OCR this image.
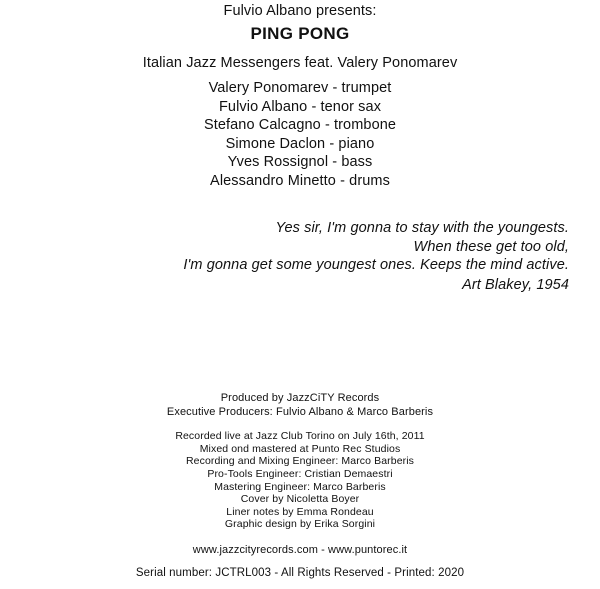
Fulvio Albano presents:
PING PONG
Italian Jazz Messengers feat. Valery Ponomarev
Valery Ponomarev - trumpet
Fulvio Albano - tenor sax
Stefano Calcagno - trombone
Simone Daclon - piano
Yves Rossignol - bass
Alessandro Minetto - drums
Yes sir, I'm gonna to stay with the youngests.
When these get too old,
I'm gonna get some youngest ones. Keeps the mind active.
Art Blakey, 1954
Produced by JazzCiTY Records
Executive Producers: Fulvio Albano & Marco Barberis
Recorded live at Jazz Club Torino on July 16th, 2011
Mixed ond mastered at Punto Rec Studios
Recording and Mixing Engineer: Marco Barberis
Pro-Tools Engineer: Cristian Demaestri
Mastering Engineer: Marco Barberis
Cover by Nicoletta Boyer
Liner notes by Emma Rondeau
Graphic design by Erika Sorgini
www.jazzcityrecords.com - www.puntorec.it
Serial number: JCTRL003 - All Rights Reserved - Printed: 2020
